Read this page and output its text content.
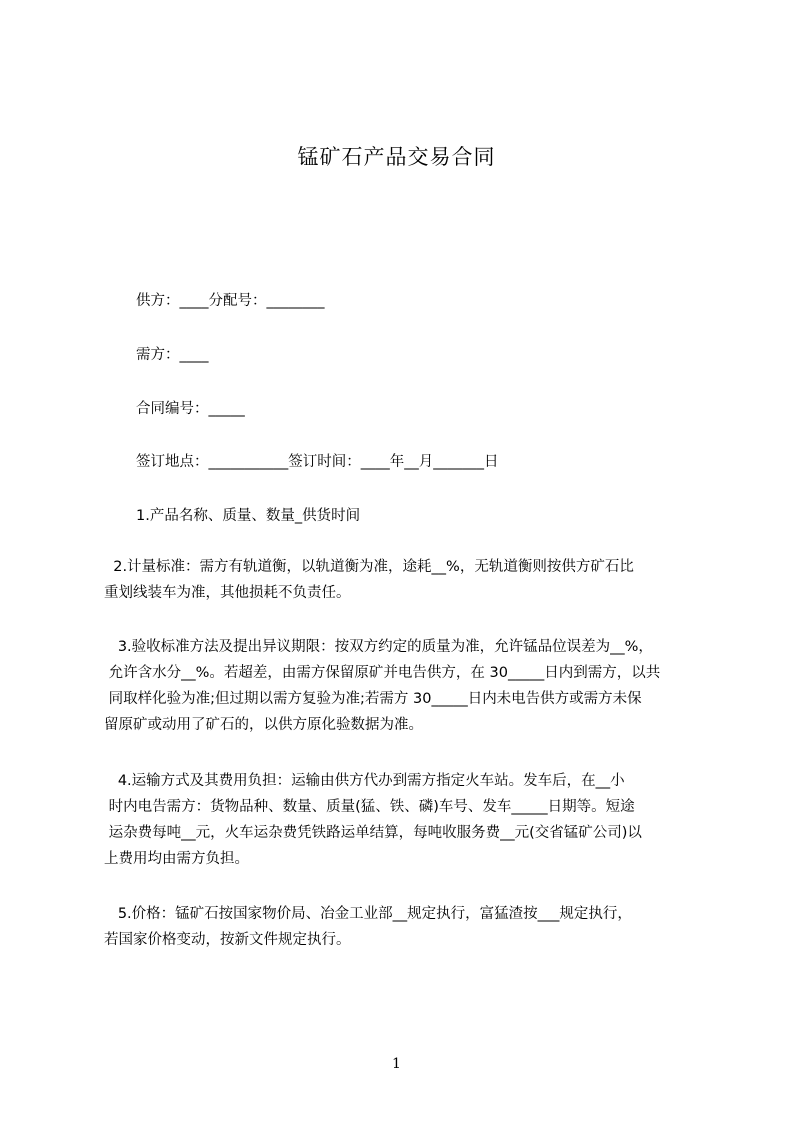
锰矿石产品交易合同
供方：____分配号：________
需方：____
合同编号：_____
签订地点：___________签订时间：____年__月_______日
1.产品名称、质量、数量_供货时间
2.计量标准：需方有轨道衡，以轨道衡为准，途耗__%，无轨道衡则按供方矿石比
重划线装车为准，其他损耗不负责任。
3.验收标准方法及提出异议期限：按双方约定的质量为准，允许锰品位误差为__%，
允许含水分__%。若超差，由需方保留原矿并电告供方，在 30_____日内到需方，以共
同取样化验为准;但过期以需方复验为准;若需方 30_____日内未电告供方或需方未保
留原矿或动用了矿石的，以供方原化验数据为准。
4.运输方式及其费用负担：运输由供方代办到需方指定火车站。发车后，在__小
时内电告需方：货物品种、数量、质量(猛、铁、磷)车号、发车_____日期等。短途
运杂费每吨__元，火车运杂费凭铁路运单结算，每吨收服务费__元(交省锰矿公司)以
上费用均由需方负担。
5.价格：锰矿石按国家物价局、冶金工业部__规定执行，富猛渣按___规定执行，
若国家价格变动，按新文件规定执行。
1
